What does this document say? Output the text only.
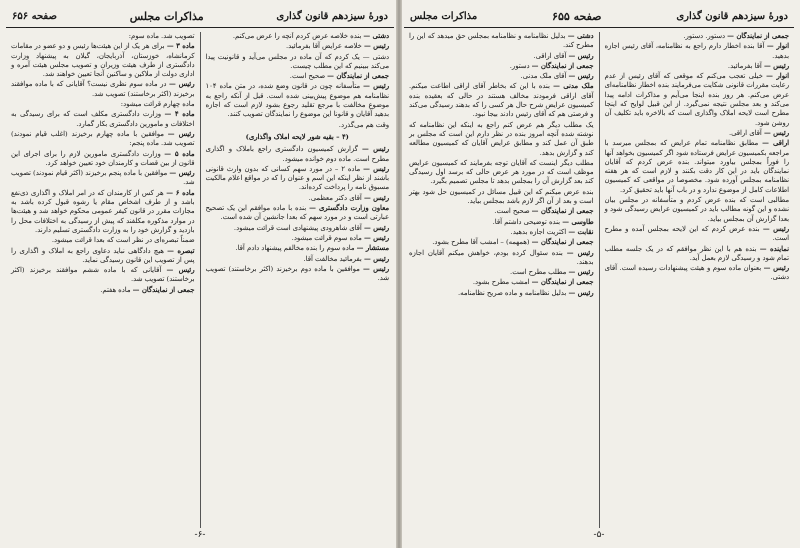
صفحه ۶۵۶	مذاکرات مجلس	دورهٔ سیزدهم قانون گذاری

دشتی — بنده خلاصه عرض کردم آنچه را عرض می‌کنم.

رئیس — خلاصه عرایض آقا بفرمائید.

دشتی — یک کردم که آن ماده در مجلس می‌آید و قانونیت پیدا می‌کند ببینیم که این مطلب چیست.

جمعی از نمایندگان — صحیح است.

رئیس — متأسفانه چون در قانون وضع شده، در متن ماده ۱۰۴ نظامنامه هم موضوع پیش‌بینی شده است. قبل از آنکه راجع به موضوع مخالفت با مرجع تقلید رجوع بشود لازم است که اجازه بدهید آقایان و قانونا این موضوع را نمایندگان تصویب کنند.

وقت هم می‌گذرد.

(۴ – بقیه شور لایحه املاک واگذاری)

رئیس — گزارش کمیسیون دادگستری راجع باملاک و اگذاری مطرح است. ماده دوم خوانده میشود.

رئیس — ماده ۲ – در مورد سهم کسانی که بدون وارث قانونی باشند از نظر اینکه این اسم و عنوان را که در مواقع اعلام مالکیت مسبوق نامه را پرداخت کرده‌اند.

رئیس — آقای دکتر معظمی.

معاون وزارت دادگستری — بنده با ماده موافقم این یک تصحیح عبارتی است و در مورد سهم که بعدا جانشین آن شده است.

رئیس — آقای شاهرودی پیشنهادی است قرائت میشود.

رئیس — ماده سوم قرائت میشود.

مستشار — ماده سوم را بنده مخالفم پیشنهاد دادم آقا.

رئیس — بفرمائید مخالفت آقا.

رئیس — موافقین با ماده دوم برخیزند (اکثر برخاستند) تصویب شد.

تصویب شد. ماده سوم:

ماده ۳ — برای هر یک از این هیئت‌ها رئیس و دو عضو در مقامات کرمانشاه، خوزستان، آذربایجان، گیلان به پیشنهاد وزارت دادگستری از طرف هیئت وزیران و تصویب مجلس هیئت آمره و اداری دولت از ملاکین و ساکنین آنجا تعیین خواهند شد.

رئیس — در ماده سوم نظری نیست؟ آقایانی که با ماده موافقند برخیزند (اکثر برخاستند) تصویب شد.

ماده چهارم قرائت میشود:

ماده ۴ — وزارت دادگستری مکلف است که برای رسیدگی به اختلافات و مامورین دادگستری بکار گمارد.

رئیس — موافقین با ماده چهارم برخیزند (اغلب قیام نمودند) تصویب شد. ماده پنجم:

ماده ۵ — وزارت دادگستری مامورین لازم را برای اجرای این قانون از بین قضات و کارمندان خود تعیین خواهد کرد.

رئیس — موافقین با ماده پنجم برخیزند (اکثر قیام نمودند) تصویب شد.

ماده ۶ — هر کس از کارمندان که در امر املاک و اگذاری ذی‌نفع باشد و از طرف اشخاص مقام یا رشوه قبول کرده باشد به مجازات مقرر در قانون کیفر عمومی محکوم خواهد شد و هیئت‌ها در موارد مذکوره مکلفند که پیش از رسیدگی به اختلافات محل را بازدید و گزارش خود را به وزارت دادگستری تسلیم دارند.

ضمناً تبصره‌ای در نظر است که بعدا قرائت میشود.

تبصره — هیچ دادگاهی نباید دعاوی راجع به املاک و اگذاری را پس از تصویب این قانون رسیدگی نماید.

رئیس — آقایانی که با ماده ششم موافقند برخیزند (اکثر برخاستند) تصویب شد.

جمعی از نمایندگان — ماده هفتم.

-۶-
مذاکرات مجلس	صفحه ۶۵۵	دورهٔ سیزدهم قانون گذاری

جمعی از نمایندگان — دستور. دستور.

انوار — آقا بنده اخطار دارم راجع به نظامنامه، آقای رئیس اجازه بدهید.

رئیس — آقا بفرمائید.

انوار — خیلی تعجب می‌کنم که موقعی که آقای رئیس از عدم رعایت مقررات قانونی شکایت می‌فرمایند بنده اخطار نظامنامه‌ای عرض می‌کنم. هر روز بنده اینجا می‌آیم و مذاکرات ادامه پیدا می‌کند و بعد مجلس نتیجه نمی‌گیرد. از این قبیل لوایح که اینجا مطرح است لایحه املاک واگذاری است که بالاخره باید تکلیف آن روشن شود.

رئیس — آقای اراقی.

اراقی — مطابق نظامنامه تمام عرایض که بمجلس میرسد با مراجعه بکمیسیون عرایض فرستاده شود اگر کمیسیون بخواهد آنها را فوراً بمجلس بیاورد میتواند. بنده عرض کردم که آقایان نمایندگان باید در این کار دقت بکنند و لازم است که هر هفته نظامنامه بمجلس آورده شود. مخصوصا در مواقعی که کمیسیون اطلاعات کامل از موضوع ندارد و در باب آنها باید تحقیق کرد.

مطالبی است که بنده عرض کردم و متأسفانه در مجلس بیان نشده و این گونه مطالب باید در کمیسیون عرایض رسیدگی شود و بعدا گزارش آن بمجلس بیاید.

رئیس — بنده عرض کردم که این لایحه بمجلس آمده و مطرح است.

نماینده — بنده هم با این نظر موافقم که در یک جلسه مطلب تمام شود و رسیدگی لازم بعمل آید.

رئیس — بعنوان ماده سوم و هیئت پیشنهادات رسیده است. آقای دشتی.

دشتی — بدلیل نظامنامه و نظامنامه بمجلس حق میدهد که این را مطرح کند.

رئیس — آقای اراقی.

جمعی از نمایندگان — دستور.

رئیس — آقای ملک مدنی.

ملک مدنی — بنده با این که بخاطر آقای اراقی اطاعت میکنم. آقای اراقی فرمودند مخالف هستند در حالی که بعقیده بنده کمیسیون عرایض شرح حال هر کسی را که بدهند رسیدگی می‌کند و فرصتی هم که آقای رئیس دادند بیجا نبود.

یک مطلب دیگر هم عرض کنم راجع به اینکه این نظامنامه که نوشته شده آنچه امروز بنده در نظر دارم این است که مجلس بر طبق آن عمل کند و مطابق عرایض آقایان که کمیسیون مطالعه کند و گزارش بدهد.

مطلب دیگر اینست که آقایان توجه بفرمایند که کمیسیون عرایض موظف است که در مورد هر عرض حالی که برسد اول رسیدگی کند بعد گزارش آن را بمجلس بدهد تا مجلس تصمیم بگیرد.

بنده عرض میکنم که این قبیل مسائل در کمیسیون حل شود بهتر است و بعد از آن اگر لازم باشد بمجلس بیاید.

جمعی از نمایندگان — صحیح است.

طاوسی — بنده توضیحی داشتم آقا.

نقابت — اکثریت اجازه بدهید.

جمعی از نمایندگان — (همهمه) – امشب آقا مطرح بشود.

رئیس — بنده سئوال کرده بودم، خواهش میکنم آقایان اجازه بدهند.

رئیس — مطلب مطرح است.

جمعی از نمایندگان — امشب مطرح بشود.

رئیس — بدلیل نظامنامه و ماده صریح نظامنامه.

-۵-
